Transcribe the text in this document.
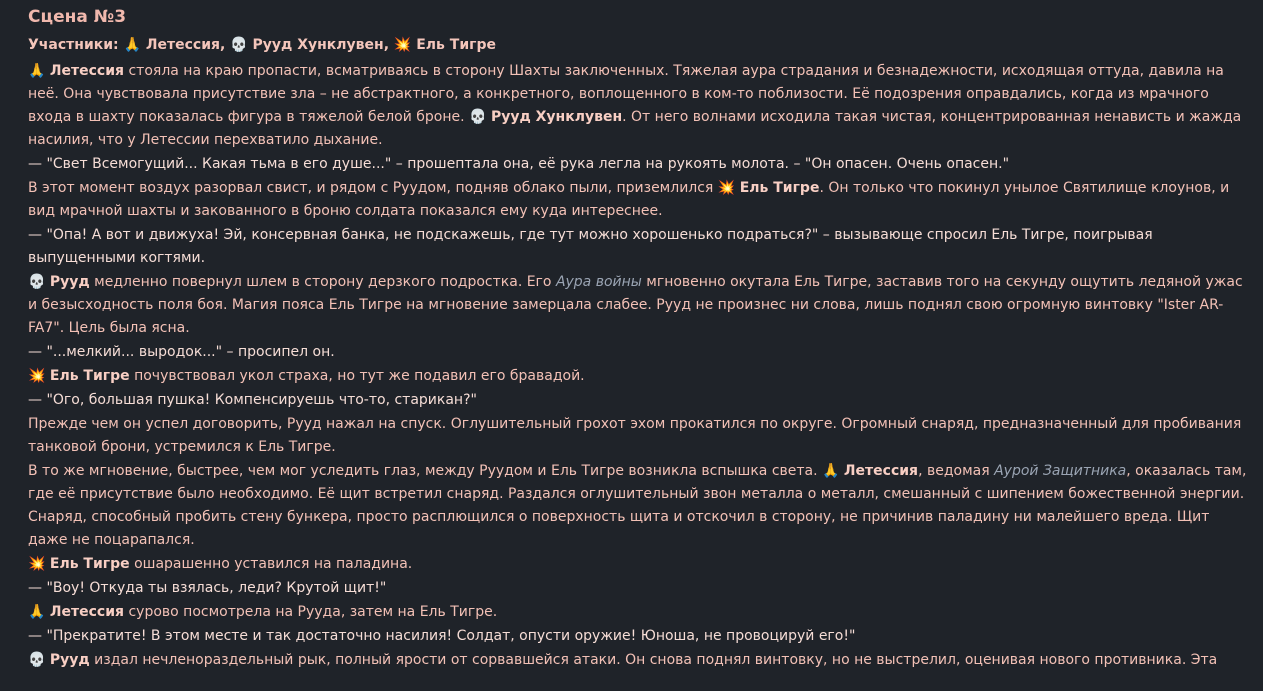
Сцена №3
Участники: 🙏 Летессия, 💀 Рууд Хунклувен, 💥 Ель Тигре
🙏 Летессия стояла на краю пропасти, всматриваясь в сторону Шахты заключенных. Тяжелая аура страдания и безнадежности, исходящая оттуда, давила на неё. Она чувствовала присутствие зла – не абстрактного, а конкретного, воплощенного в ком-то поблизости. Её подозрения оправдались, когда из мрачного входа в шахту показалась фигура в тяжелой белой броне. 💀 Рууд Хунклувен. От него волнами исходила такая чистая, концентрированная ненависть и жажда насилия, что у Летессии перехватило дыхание.
— "Свет Всемогущий... Какая тьма в его душе..." – прошептала она, её рука легла на рукоять молота. – "Он опасен. Очень опасен."
В этот момент воздух разорвал свист, и рядом с Руудом, подняв облако пыли, приземлился 💥 Ель Тигре. Он только что покинул унылое Святилище клоунов, и вид мрачной шахты и закованного в броню солдата показался ему куда интереснее.
— "Опа! А вот и движуха! Эй, консервная банка, не подскажешь, где тут можно хорошенько подраться?" – вызывающе спросил Ель Тигре, поигрывая выпущенными когтями.
💀 Рууд медленно повернул шлем в сторону дерзкого подростка. Его Аура войны мгновенно окутала Ель Тигре, заставив того на секунду ощутить ледяной ужас и безысходность поля боя. Магия пояса Ель Тигре на мгновение замерцала слабее. Рууд не произнес ни слова, лишь поднял свою огромную винтовку "Ister AR-FA7". Цель была ясна.
— "...мелкий... выродок..." – просипел он.
💥 Ель Тигре почувствовал укол страха, но тут же подавил его бравадой.
— "Ого, большая пушка! Компенсируешь что-то, старикан?"
Прежде чем он успел договорить, Рууд нажал на спуск. Оглушительный грохот эхом прокатился по округе. Огромный снаряд, предназначенный для пробивания танковой брони, устремился к Ель Тигре.
В то же мгновение, быстрее, чем мог уследить глаз, между Руудом и Ель Тигре возникла вспышка света. 🙏 Летессия, ведомая Аурой Защитника, оказалась там, где её присутствие было необходимо. Её щит встретил снаряд. Раздался оглушительный звон металла о металл, смешанный с шипением божественной энергии. Снаряд, способный пробить стену бункера, просто расплющился о поверхность щита и отскочил в сторону, не причинив паладину ни малейшего вреда. Щит даже не поцарапался.
💥 Ель Тигре ошарашенно уставился на паладина.
— "Воу! Откуда ты взялась, леди? Крутой щит!"
🙏 Летессия сурово посмотрела на Рууда, затем на Ель Тигре.
— "Прекратите! В этом месте и так достаточно насилия! Солдат, опусти оружие! Юноша, не провоцируй его!"
💀 Рууд издал нечленораздельный рык, полный ярости от сорвавшейся атаки. Он снова поднял винтовку, но не выстрелил, оценивая нового противника. Эта
